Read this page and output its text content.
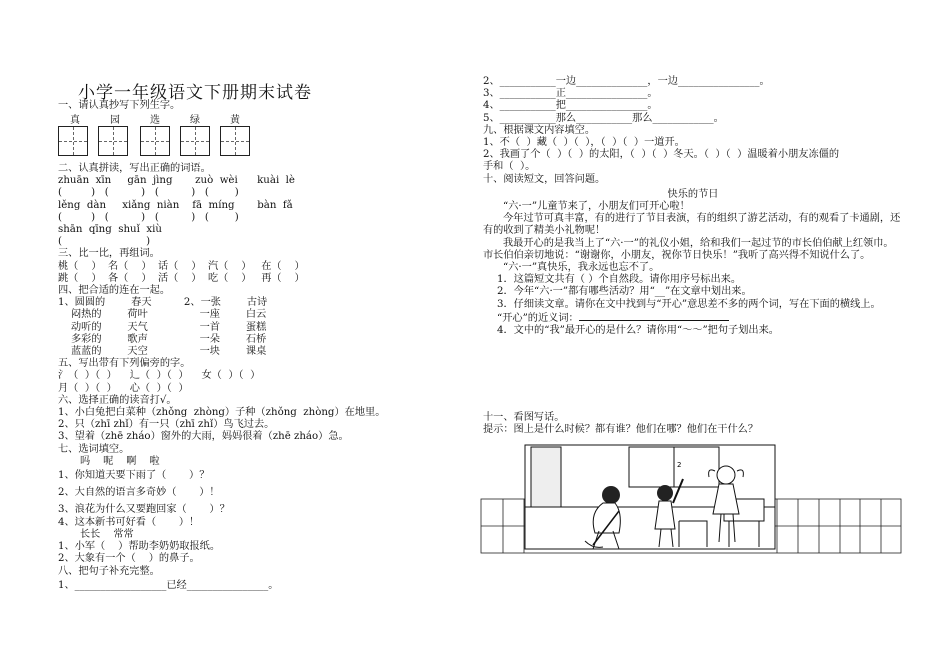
小学一年级语文下册期末试卷
一、请认真抄写下列生字。
真	园	选	绿	黄
二、认真拼读，写出正确的词语。
zhuān  xīn     gān  jìng       zuò  wèi      kuài  lè
(         )   (          )   (          )   (        )
lěng  dàn     xiǎng  niàn    fā  míng       bàn  fǎ
(         )   (          )   (          )   (        )
shān  qīng  shuǐ  xiù
(                          )
三、比一比，再组词。
桃（    ）  名（    ）  话（    ）  汽（    ）   在（    ）
跳（    ）  各（    ）  活（    ）  吃（    ）   再（    ）
四、把合适的连在一起。
1、圆圆的        春天          2、一张        古诗
闷热的        荷叶                一座        白云
动听的        天气                一首        蛋糕
多彩的        歌声                一朵        石桥
蓝蓝的        天空                一块        课桌
五、写出带有下列偏旁的字。
⺡（  ）（  ）    ⻌（  ）（  ）    女（  ）（  ）
月（  ）（  ）    心（  ）（  ）
六、选择正确的读音打√。
1、小白兔把白菜种（zhǒng  zhòng）子种（zhǒng  zhòng）在地里。
2、只（zhī zhǐ）有一只（zhī zhǐ）鸟飞过去。
3、望着（zhē zháo）窗外的大雨，妈妈很着（zhē zháo）急。
七、选词填空。
吗    呢    啊    啦
1、你知道天要下雨了（       ）？
2、大自然的语言多奇妙（       ）！
3、浪花为什么又要跑回家（       ）？
4、这本新书可好看（       ）！
长长    常常
1、小军（    ）帮助李奶奶取报纸。
2、大象有一个（    ）的鼻子。
八、把句子补充完整。
1、__________________已经________________。
2、___________一边______________，一边________________。
3、___________正________________。
4、___________把________________。
5、___________那么___________那么____________。
九、根据课文内容填空。
1、不（  ）藏（  ）（  ），（  ）（  ）一道开。
2、我画了个（  ）（  ）的太阳，（  ）（  ）冬天。（  ）（  ）温暖着小朋友冻僵的
手和（  ）。
十、阅读短文，回答问题。
快乐的节日
“六·一”儿童节来了，小朋友们可开心啦！
今年过节可真丰富，有的进行了节目表演，有的组织了游艺活动，有的观看了卡通剧，还有的收到了精美小礼物呢！
我最开心的是我当上了“六·一”的礼仪小姐，给和我们一起过节的市长伯伯献上红领巾。市长伯伯亲切地说：“谢谢你，小朋友，祝你节日快乐！”我听了高兴得不知说什么了。
“六·一”真快乐，我永远也忘不了。
1．这篇短文共有（ ）个自然段。请你用序号标出来。
2．今年“六·一”都有哪些活动？用“__”在文章中划出来。
3．仔细读文章。请你在文中找到与“开心”意思差不多的两个词，写在下面的横线上。
“开心”的近义词：
4．文中的“我”最开心的是什么？请你用“～～”把句子划出来。
十一、看图写话。
提示：图上是什么时候？都有谁？他们在哪？他们在干什么？
2
